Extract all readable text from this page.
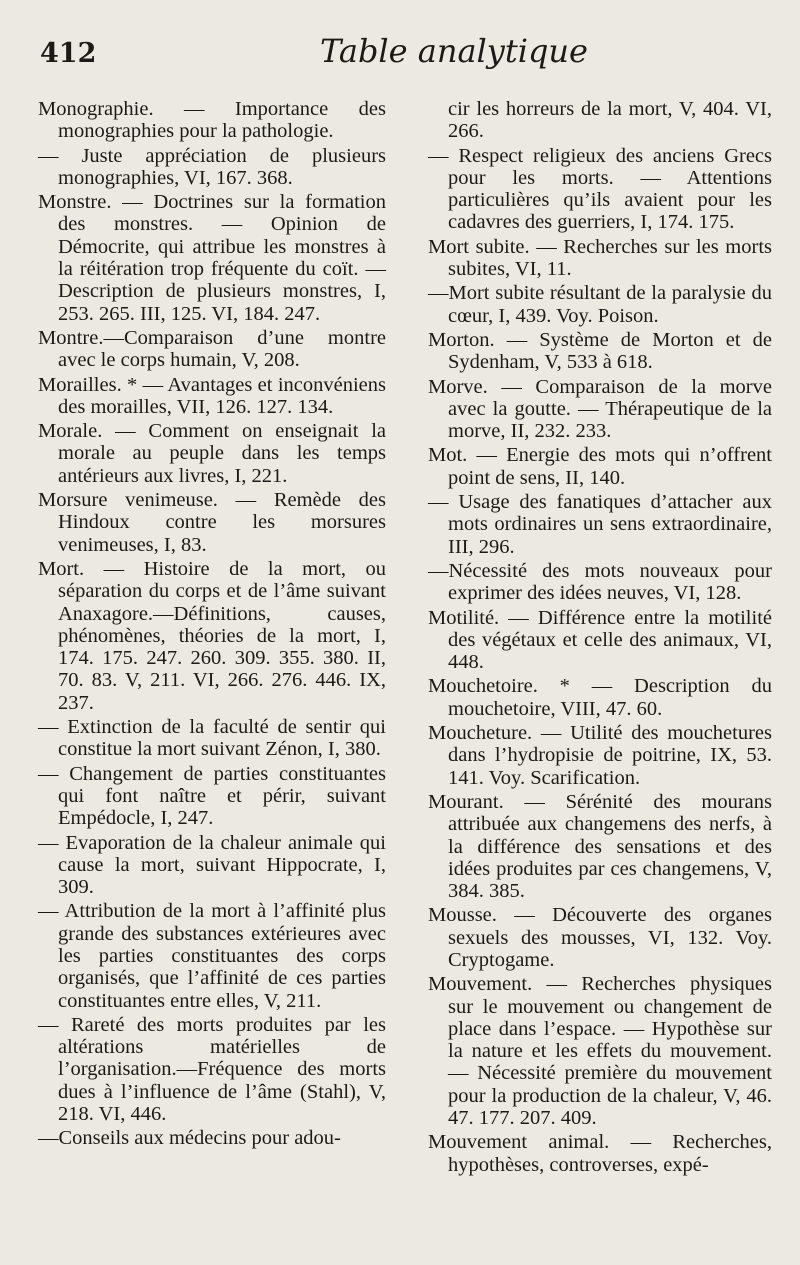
412	Table analytique

Monographie. — Importance des monographies pour la pathologie.

— Juste appréciation de plusieurs monographies, VI, 167. 368.

Monstre. — Doctrines sur la formation des monstres. — Opinion de Démocrite, qui attribue les monstres à la réitération trop fréquente du coït. — Description de plusieurs monstres, I, 253. 265. III, 125. VI, 184. 247.

Montre.—Comparaison d’une montre avec le corps humain, V, 208.

Morailles. * — Avantages et inconvéniens des morailles, VII, 126. 127. 134.

Morale. — Comment on enseignait la morale au peuple dans les temps antérieurs aux livres, I, 221.

Morsure venimeuse. — Remède des Hindoux contre les morsures venimeuses, I, 83.

Mort. — Histoire de la mort, ou séparation du corps et de l’âme suivant Anaxagore.—Définitions, causes, phénomènes, théories de la mort, I, 174. 175. 247. 260. 309. 355. 380. II, 70. 83. V, 211. VI, 266. 276. 446. IX, 237.

— Extinction de la faculté de sentir qui constitue la mort suivant Zénon, I, 380.

— Changement de parties constituantes qui font naître et périr, suivant Empédocle, I, 247.

— Evaporation de la chaleur animale qui cause la mort, suivant Hippocrate, I, 309.

— Attribution de la mort à l’affinité plus grande des substances extérieures avec les parties constituantes des corps organisés, que l’affinité de ces parties constituantes entre elles, V, 211.

— Rareté des morts produites par les altérations matérielles de l’organisation.—Fréquence des morts dues à l’influence de l’âme (Stahl), V, 218. VI, 446.

—Conseils aux médecins pour adou-

cir les horreurs de la mort, V, 404. VI, 266.

— Respect religieux des anciens Grecs pour les morts. — Attentions particulières qu’ils avaient pour les cadavres des guerriers, I, 174. 175.

Mort subite. — Recherches sur les morts subites, VI, 11.

—Mort subite résultant de la paralysie du cœur, I, 439. Voy. Poison.

Morton. — Système de Morton et de Sydenham, V, 533 à 618.

Morve. — Comparaison de la morve avec la goutte. — Thérapeutique de la morve, II, 232. 233.

Mot. — Energie des mots qui n’offrent point de sens, II, 140.

— Usage des fanatiques d’attacher aux mots ordinaires un sens extraordinaire, III, 296.

—Nécessité des mots nouveaux pour exprimer des idées neuves, VI, 128.

Motilité. — Différence entre la motilité des végétaux et celle des animaux, VI, 448.

Mouchetoire. * — Description du mouchetoire, VIII, 47. 60.

Moucheture. — Utilité des mouchetures dans l’hydropisie de poitrine, IX, 53. 141. Voy. Scarification.

Mourant. — Sérénité des mourans attribuée aux changemens des nerfs, à la différence des sensations et des idées produites par ces changemens, V, 384. 385.

Mousse. — Découverte des organes sexuels des mousses, VI, 132. Voy. Cryptogame.

Mouvement. — Recherches physiques sur le mouvement ou changement de place dans l’espace. — Hypothèse sur la nature et les effets du mouvement. — Nécessité première du mouvement pour la production de la chaleur, V, 46. 47. 177. 207. 409.

Mouvement animal. — Recherches, hypothèses, controverses, expé-
